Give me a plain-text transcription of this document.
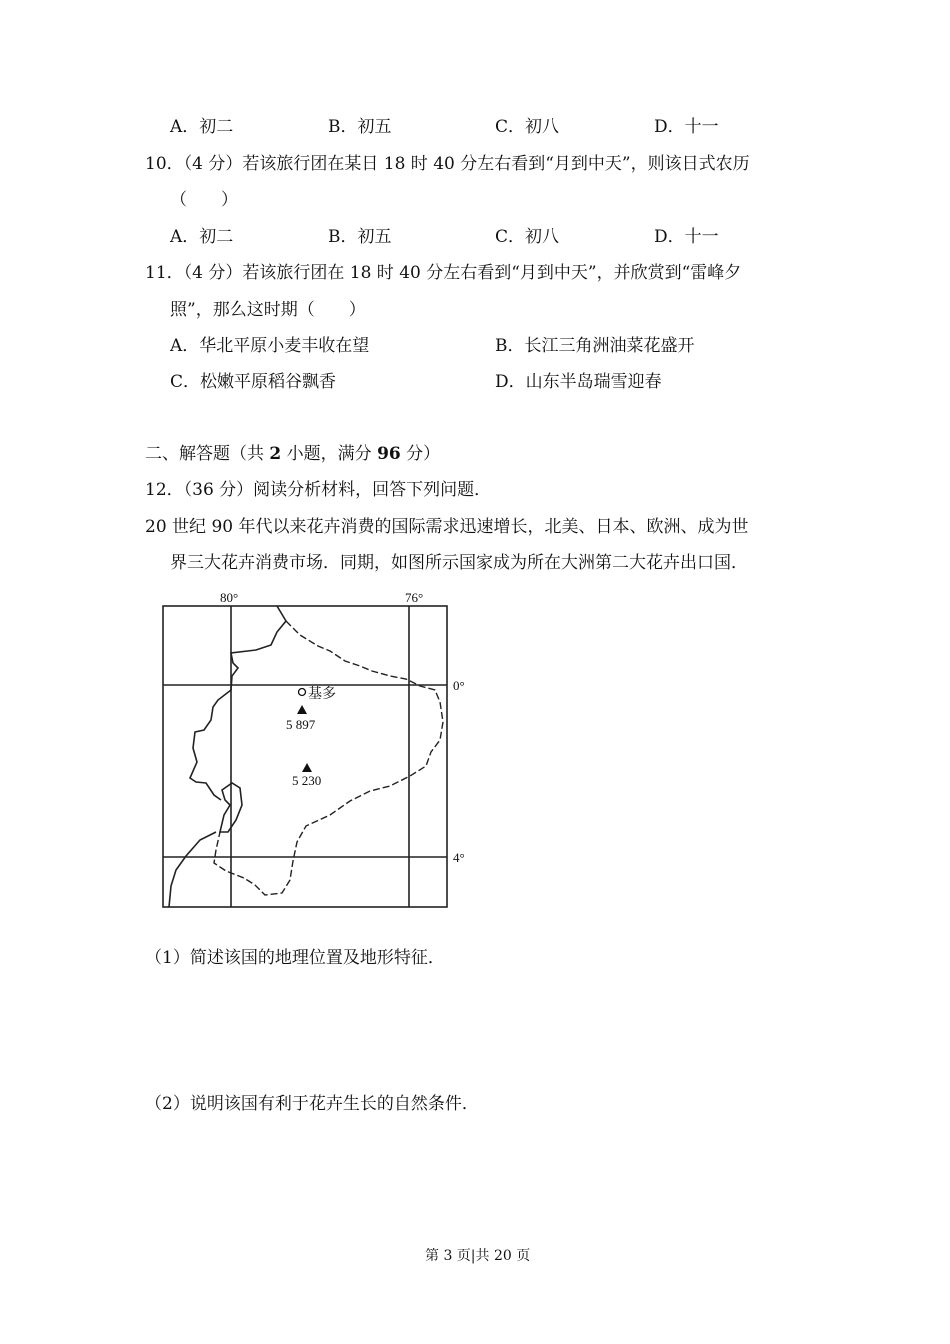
A．初二	B．初五	C．初八	D．十一
10．（4 分）若该旅行团在某日 18 时 40 分左右看到“月到中天”，则该日式农历
（　　）
A．初二	B．初五	C．初八	D．十一
11．（4 分）若该旅行团在 18 时 40 分左右看到“月到中天”，并欣赏到“雷峰夕
照”，那么这时期（　　）
A．华北平原小麦丰收在望	B．长江三角洲油菜花盛开
C．松嫩平原稻谷飘香	D．山东半岛瑞雪迎春
二、解答题（共 2 小题，满分 96 分）
12．（36 分）阅读分析材料，回答下列问题．
20 世纪 90 年代以来花卉消费的国际需求迅速增长，北美、日本、欧洲、成为世
界三大花卉消费市场．同期，如图所示国家成为所在大洲第二大花卉出口国．
80°	76°
0°
4°
基多
5 897
5 230
（1）简述该国的地理位置及地形特征．
（2）说明该国有利于花卉生长的自然条件．
第 3 页|共 20 页
